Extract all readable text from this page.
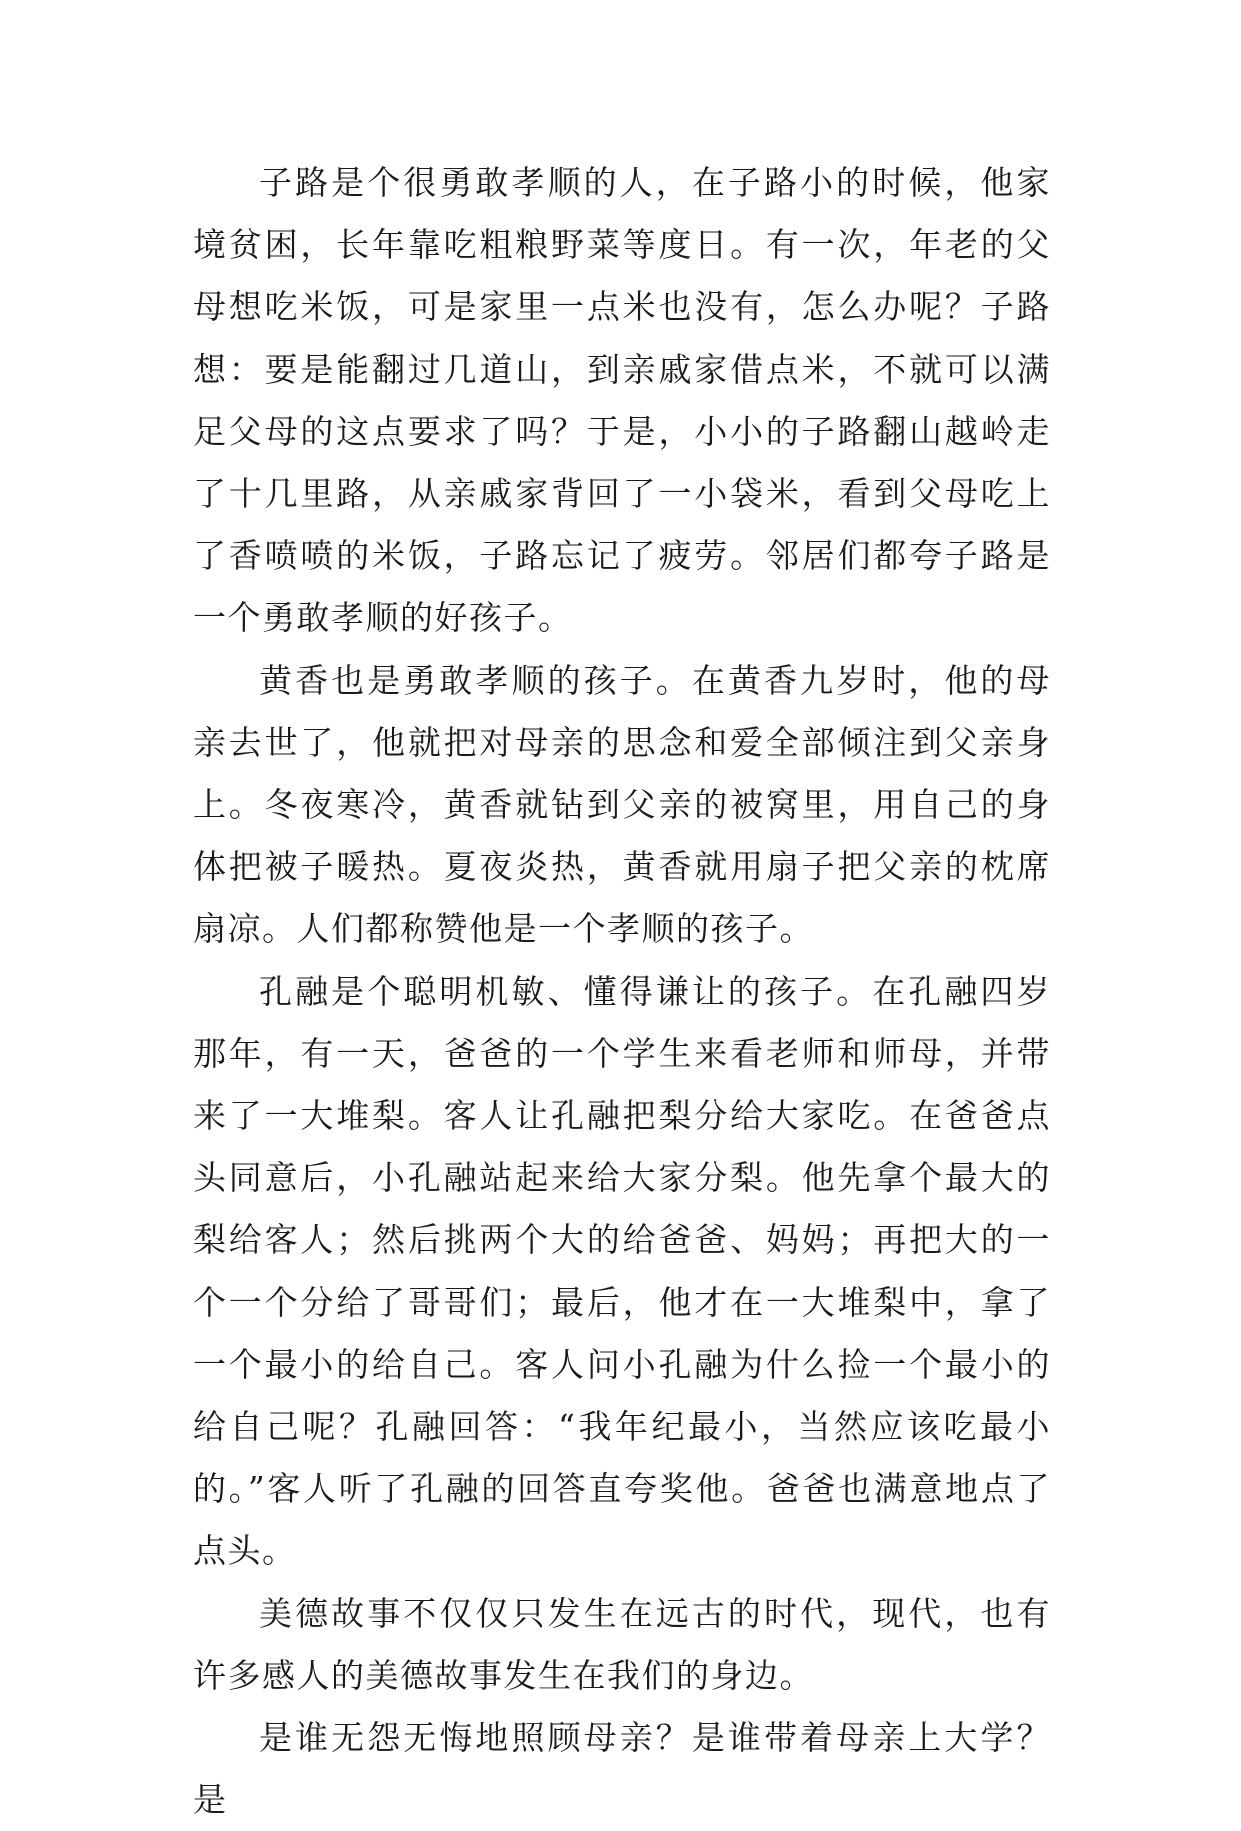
子路是个很勇敢孝顺的人，在子路小的时候，他家境贫困，长年靠吃粗粮野菜等度日。有一次，年老的父母想吃米饭，可是家里一点米也没有，怎么办呢？子路想：要是能翻过几道山，到亲戚家借点米，不就可以满足父母的这点要求了吗？于是，小小的子路翻山越岭走了十几里路，从亲戚家背回了一小袋米，看到父母吃上了香喷喷的米饭，子路忘记了疲劳。邻居们都夸子路是一个勇敢孝顺的好孩子。

黄香也是勇敢孝顺的孩子。在黄香九岁时，他的母亲去世了，他就把对母亲的思念和爱全部倾注到父亲身上。冬夜寒冷，黄香就钻到父亲的被窝里，用自己的身体把被子暖热。夏夜炎热，黄香就用扇子把父亲的枕席扇凉。人们都称赞他是一个孝顺的孩子。

孔融是个聪明机敏、懂得谦让的孩子。在孔融四岁那年，有一天，爸爸的一个学生来看老师和师母，并带来了一大堆梨。客人让孔融把梨分给大家吃。在爸爸点头同意后，小孔融站起来给大家分梨。他先拿个最大的梨给客人；然后挑两个大的给爸爸、妈妈；再把大的一个一个分给了哥哥们；最后，他才在一大堆梨中，拿了一个最小的给自己。客人问小孔融为什么捡一个最小的给自己呢？孔融回答：“我年纪最小，当然应该吃最小的。”客人听了孔融的回答直夸奖他。爸爸也满意地点了点头。

美德故事不仅仅只发生在远古的时代，现代，也有许多感人的美德故事发生在我们的身边。

是谁无怨无悔地照顾母亲？是谁带着母亲上大学？是
